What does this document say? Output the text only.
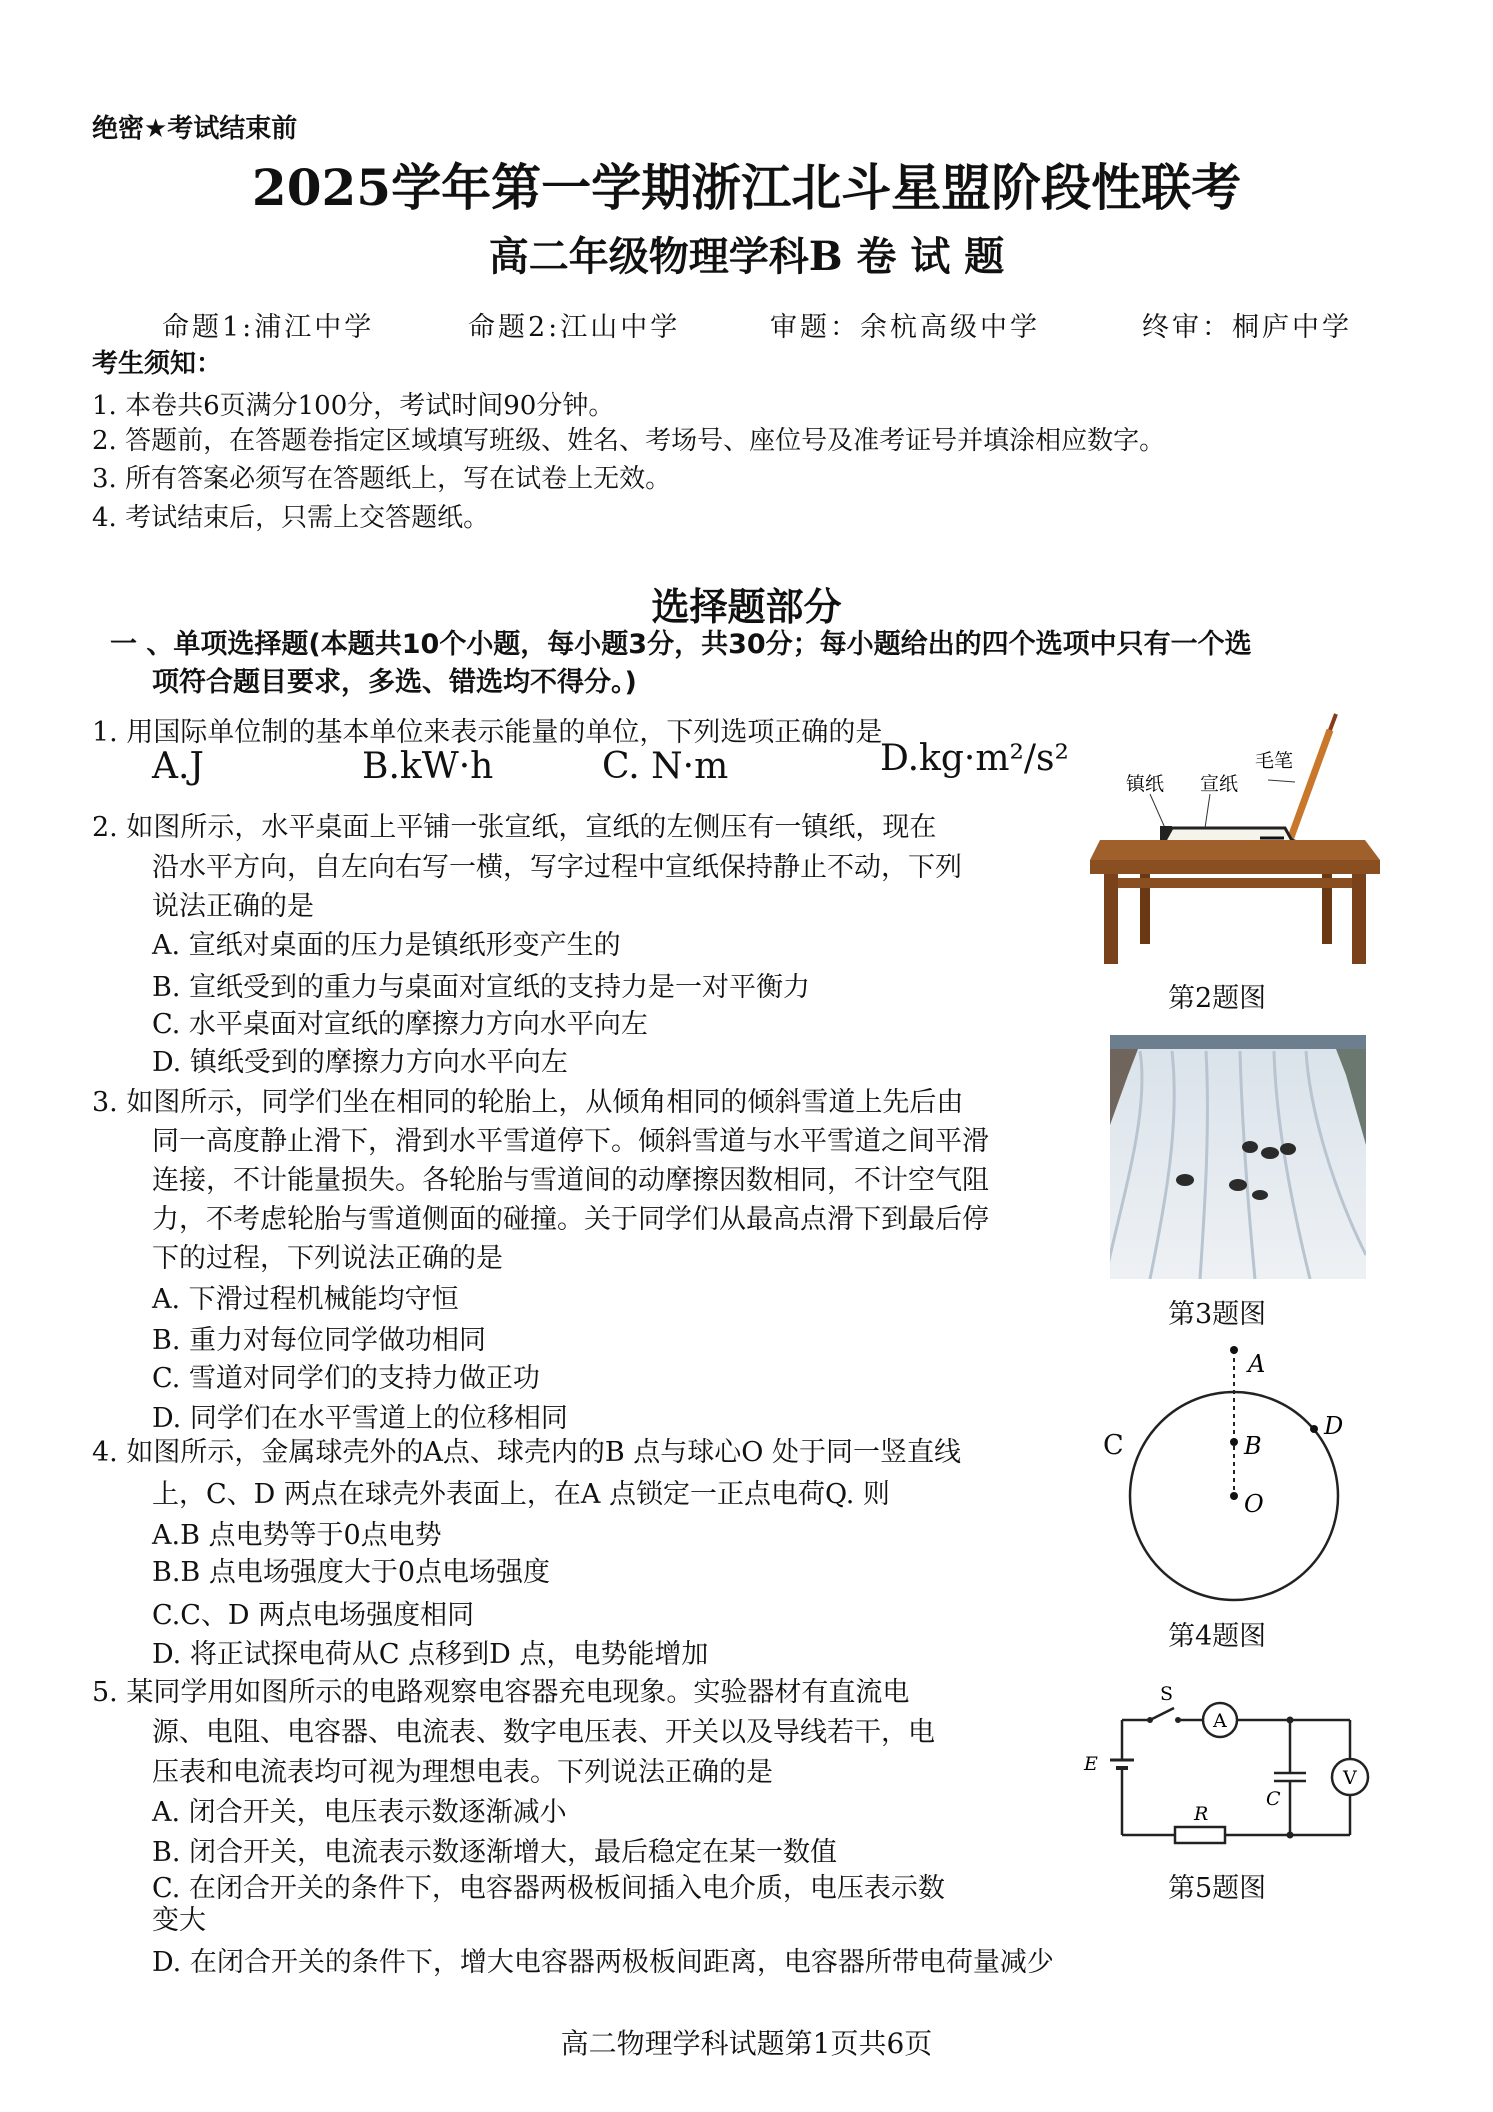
绝密★考试结束前
2025学年第一学期浙江北斗星盟阶段性联考
高二年级物理学科B 卷 试 题
命题1:浦江中学	命题2:江山中学	审题：余杭高级中学	终审：桐庐中学
考生须知：
1. 本卷共6页满分100分，考试时间90分钟。
2. 答题前，在答题卷指定区域填写班级、姓名、考场号、座位号及准考证号并填涂相应数字。
3. 所有答案必须写在答题纸上，写在试卷上无效。
4. 考试结束后，只需上交答题纸。
选择题部分
一 、单项选择题(本题共10个小题，每小题3分，共30分；每小题给出的四个选项中只有一个选
项符合题目要求，多选、错选均不得分。)
1. 用国际单位制的基本单位来表示能量的单位，下列选项正确的是
A.J	B.kW·h	C. N·m	D.kg·m²/s²
2. 如图所示，水平桌面上平铺一张宣纸，宣纸的左侧压有一镇纸，现在
沿水平方向，自左向右写一横，写字过程中宣纸保持静止不动，下列
说法正确的是
A. 宣纸对桌面的压力是镇纸形变产生的
B. 宣纸受到的重力与桌面对宣纸的支持力是一对平衡力
C. 水平桌面对宣纸的摩擦力方向水平向左
D. 镇纸受到的摩擦力方向水平向左
毛笔
镇纸 宣纸
第2题图
3. 如图所示，同学们坐在相同的轮胎上，从倾角相同的倾斜雪道上先后由
同一高度静止滑下，滑到水平雪道停下。倾斜雪道与水平雪道之间平滑
连接，不计能量损失。各轮胎与雪道间的动摩擦因数相同，不计空气阻
力，不考虑轮胎与雪道侧面的碰撞。关于同学们从最高点滑下到最后停
下的过程，下列说法正确的是
A. 下滑过程机械能均守恒
B. 重力对每位同学做功相同
C. 雪道对同学们的支持力做正功
D. 同学们在水平雪道上的位移相同
第3题图
4. 如图所示，金属球壳外的A点、球壳内的B 点与球心O 处于同一竖直线	C
上，C、D 两点在球壳外表面上，在A 点锁定一正点电荷Q. 则
A.B 点电势等于0点电势
B.B 点电场强度大于0点电场强度
C.C、D 两点电场强度相同
D. 将正试探电荷从C 点移到D 点，电势能增加
A
B
O
D
第4题图
5. 某同学用如图所示的电路观察电容器充电现象。实验器材有直流电
源、电阻、电容器、电流表、数字电压表、开关以及导线若干，电
压表和电流表均可视为理想电表。下列说法正确的是
A. 闭合开关，电压表示数逐渐减小
B. 闭合开关，电流表示数逐渐增大，最后稳定在某一数值
C. 在闭合开关的条件下，电容器两极板间插入电介质，电压表示数
变大
D. 在闭合开关的条件下，增大电容器两极板间距离，电容器所带电荷量减少
S
A
V
E
C
R
第5题图
高二物理学科试题第1页共6页
